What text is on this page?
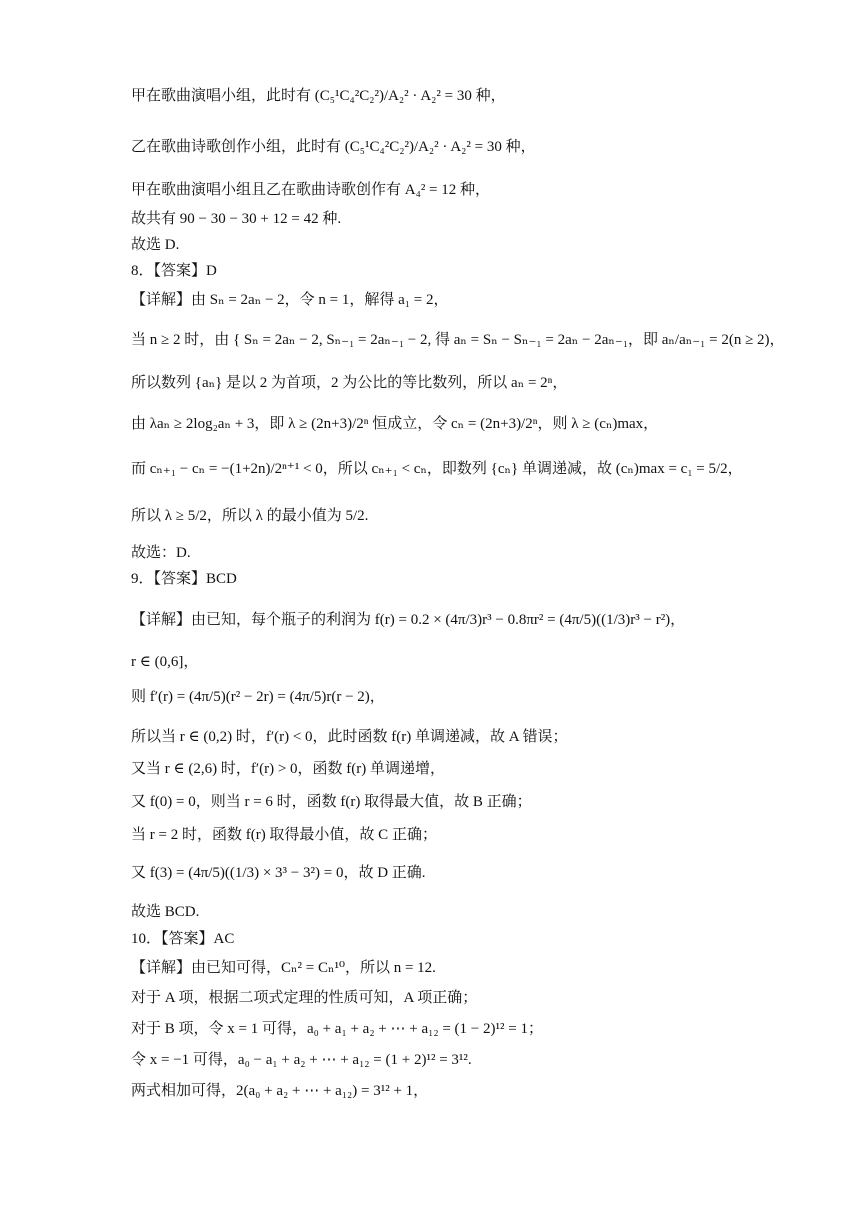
甲在歌曲演唱小组，此时有 (C₅¹C₄²C₂²)/A₂² · A₂² = 30 种，
乙在歌曲诗歌创作小组，此时有 (C₅¹C₄²C₂²)/A₂² · A₂² = 30 种，
甲在歌曲演唱小组且乙在歌曲诗歌创作有 A₄² = 12 种，
故共有 90 − 30 − 30 + 12 = 42 种.
故选 D.
8．【答案】D
【详解】由 Sₙ = 2aₙ − 2，令 n = 1，解得 a₁ = 2，
当 n ≥ 2 时，由 { Sₙ = 2aₙ − 2, Sₙ₋₁ = 2aₙ₋₁ − 2, 得 aₙ = Sₙ − Sₙ₋₁ = 2aₙ − 2aₙ₋₁，即 aₙ/aₙ₋₁ = 2(n ≥ 2)，
所以数列 {aₙ} 是以 2 为首项，2 为公比的等比数列，所以 aₙ = 2ⁿ，
由 λaₙ ≥ 2log₂aₙ + 3，即 λ ≥ (2n+3)/2ⁿ 恒成立，令 cₙ = (2n+3)/2ⁿ，则 λ ≥ (cₙ)max，
而 cₙ₊₁ − cₙ = −(1+2n)/2ⁿ⁺¹ < 0，所以 cₙ₊₁ < cₙ，即数列 {cₙ} 单调递减，故 (cₙ)max = c₁ = 5/2，
所以 λ ≥ 5/2，所以 λ 的最小值为 5/2.
故选：D.
9．【答案】BCD
【详解】由已知，每个瓶子的利润为 f(r) = 0.2 × (4π/3)r³ − 0.8πr² = (4π/5)((1/3)r³ − r²)，
r ∈ (0,6]，
则 f′(r) = (4π/5)(r² − 2r) = (4π/5)r(r − 2)，
所以当 r ∈ (0,2) 时，f′(r) < 0，此时函数 f(r) 单调递减，故 A 错误；
又当 r ∈ (2,6) 时，f′(r) > 0，函数 f(r) 单调递增，
又 f(0) = 0，则当 r = 6 时，函数 f(r) 取得最大值，故 B 正确；
当 r = 2 时，函数 f(r) 取得最小值，故 C 正确；
又 f(3) = (4π/5)((1/3) × 3³ − 3²) = 0，故 D 正确.
故选 BCD.
10．【答案】AC
【详解】由已知可得，Cₙ² = Cₙ¹⁰，所以 n = 12.
对于 A 项，根据二项式定理的性质可知，A 项正确；
对于 B 项，令 x = 1 可得，a₀ + a₁ + a₂ + ⋯ + a₁₂ = (1 − 2)¹² = 1；
令 x = −1 可得，a₀ − a₁ + a₂ + ⋯ + a₁₂ = (1 + 2)¹² = 3¹².
两式相加可得，2(a₀ + a₂ + ⋯ + a₁₂) = 3¹² + 1，
